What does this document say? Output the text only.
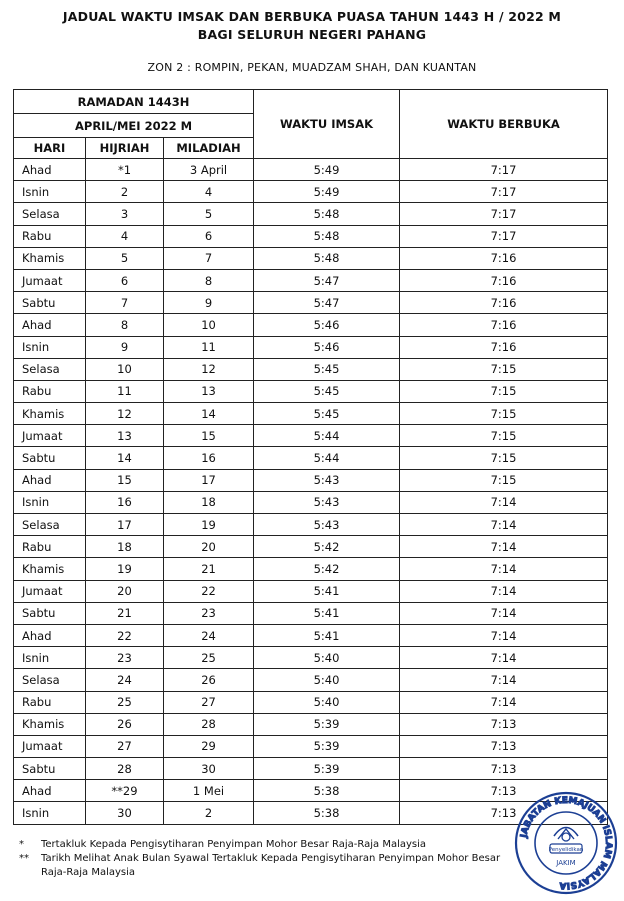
JADUAL WAKTU IMSAK DAN BERBUKA PUASA TAHUN 1443 H / 2022 M
BAGI SELURUH NEGERI PAHANG
ZON 2 : ROMPIN, PEKAN, MUADZAM SHAH, DAN KUANTAN
RAMADAN 1443H			WAKTU IMSAK	WAKTU BERBUKA
APRIL/MEI 2022 M				
HARI	HIJRIAH	MILADIAH		
Ahad	*1	3 April	5:49	7:17
Isnin	2	4	5:49	7:17
Selasa	3	5	5:48	7:17
Rabu	4	6	5:48	7:17
Khamis	5	7	5:48	7:16
Jumaat	6	8	5:47	7:16
Sabtu	7	9	5:47	7:16
Ahad	8	10	5:46	7:16
Isnin	9	11	5:46	7:16
Selasa	10	12	5:45	7:15
Rabu	11	13	5:45	7:15
Khamis	12	14	5:45	7:15
Jumaat	13	15	5:44	7:15
Sabtu	14	16	5:44	7:15
Ahad	15	17	5:43	7:15
Isnin	16	18	5:43	7:14
Selasa	17	19	5:43	7:14
Rabu	18	20	5:42	7:14
Khamis	19	21	5:42	7:14
Jumaat	20	22	5:41	7:14
Sabtu	21	23	5:41	7:14
Ahad	22	24	5:41	7:14
Isnin	23	25	5:40	7:14
Selasa	24	26	5:40	7:14
Rabu	25	27	5:40	7:14
Khamis	26	28	5:39	7:13
Jumaat	27	29	5:39	7:13
Sabtu	28	30	5:39	7:13
Ahad	**29	1 Mei	5:38	7:13
Isnin	30	2	5:38	7:13
*	Tertakluk Kepada Pengisytiharan Penyimpan Mohor Besar Raja-Raja Malaysia
**	Tarikh Melihat Anak Bulan Syawal Tertakluk Kepada Pengisytiharan Penyimpan Mohor Besar Raja-Raja Malaysia
JABATAN KEMAJUAN ISLAM MALAYSIA
Penyelidikan
JAKIM
